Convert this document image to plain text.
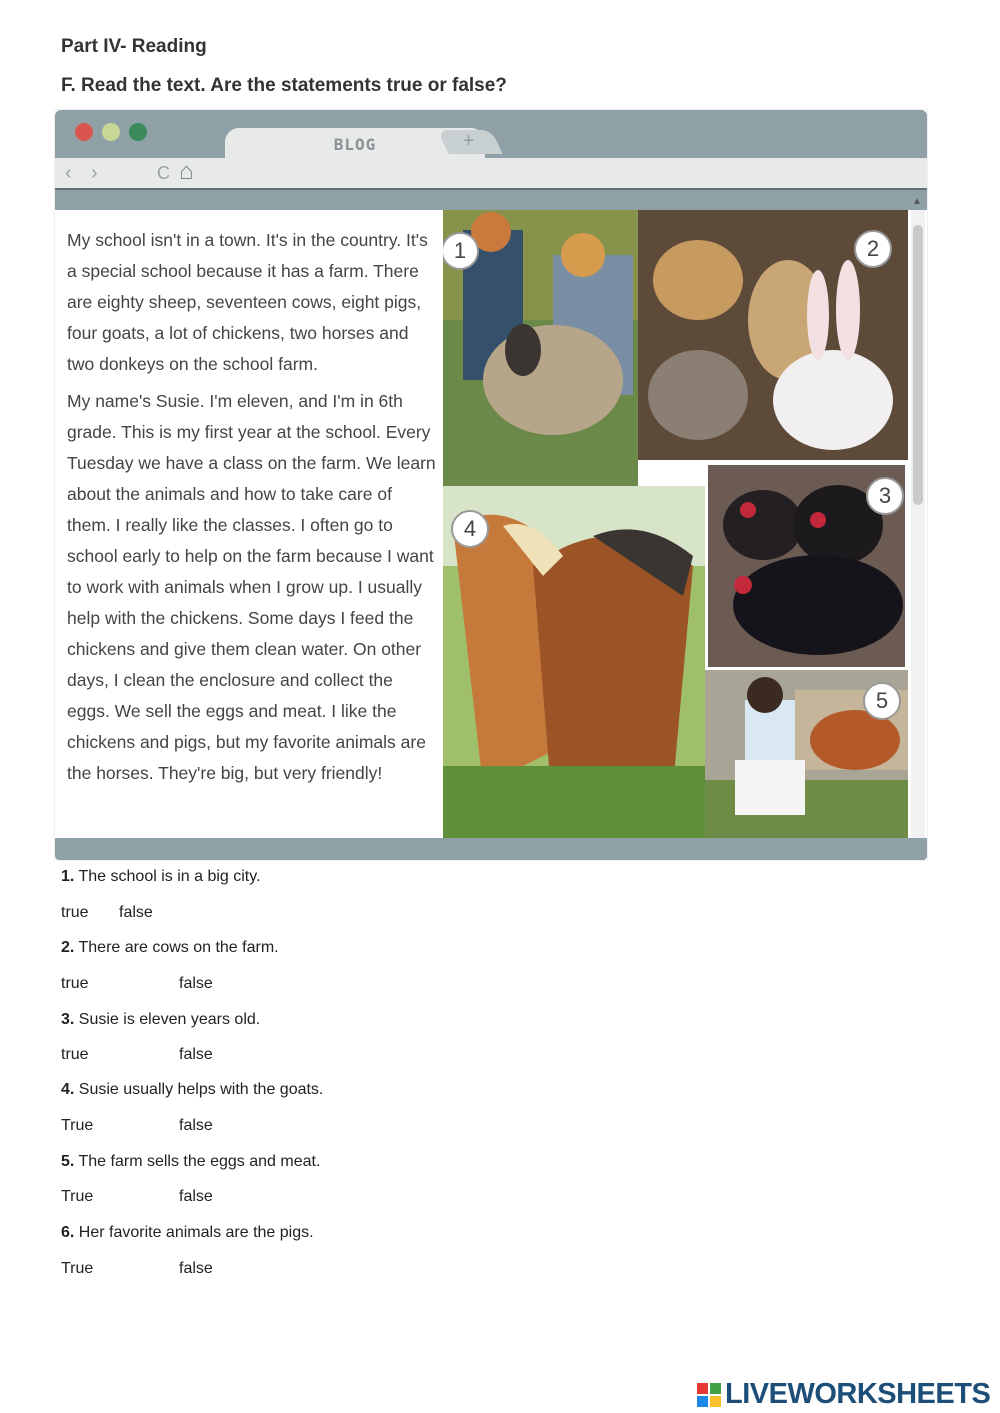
Part IV- Reading
F. Read the text. Are the statements true or false?
BLOG	+
‹ ›	C ⌂

My school isn't in a town. It's in the country. It's a special school because it has a farm. There are eighty sheep, seventeen cows, eight pigs, four goats, a lot of chickens, two horses and two donkeys on the school farm.

My name's Susie. I'm eleven, and I'm in 6th grade. This is my first year at the school. Every Tuesday we have a class on the farm. We learn about the animals and how to take care of them. I really like the classes. I often go to school early to help on the farm because I want to work with animals when I grow up. I usually help with the chickens. Some days I feed the chickens and give them clean water. On other days, I clean the enclosure and collect the eggs. We sell the eggs and meat. I like the chickens and pigs, but my favorite animals are the horses. They're big, but very friendly!

1	2
3
4
5
▲
1. The school is in a big city.
true false
2. There are cows on the farm.
true	false
3. Susie is eleven years old.
true	false
4. Susie usually helps with the goats.
True	false
5. The farm sells the eggs and meat.
True	false
6. Her favorite animals are the pigs.
True	false
LIVEWORKSHEETS
